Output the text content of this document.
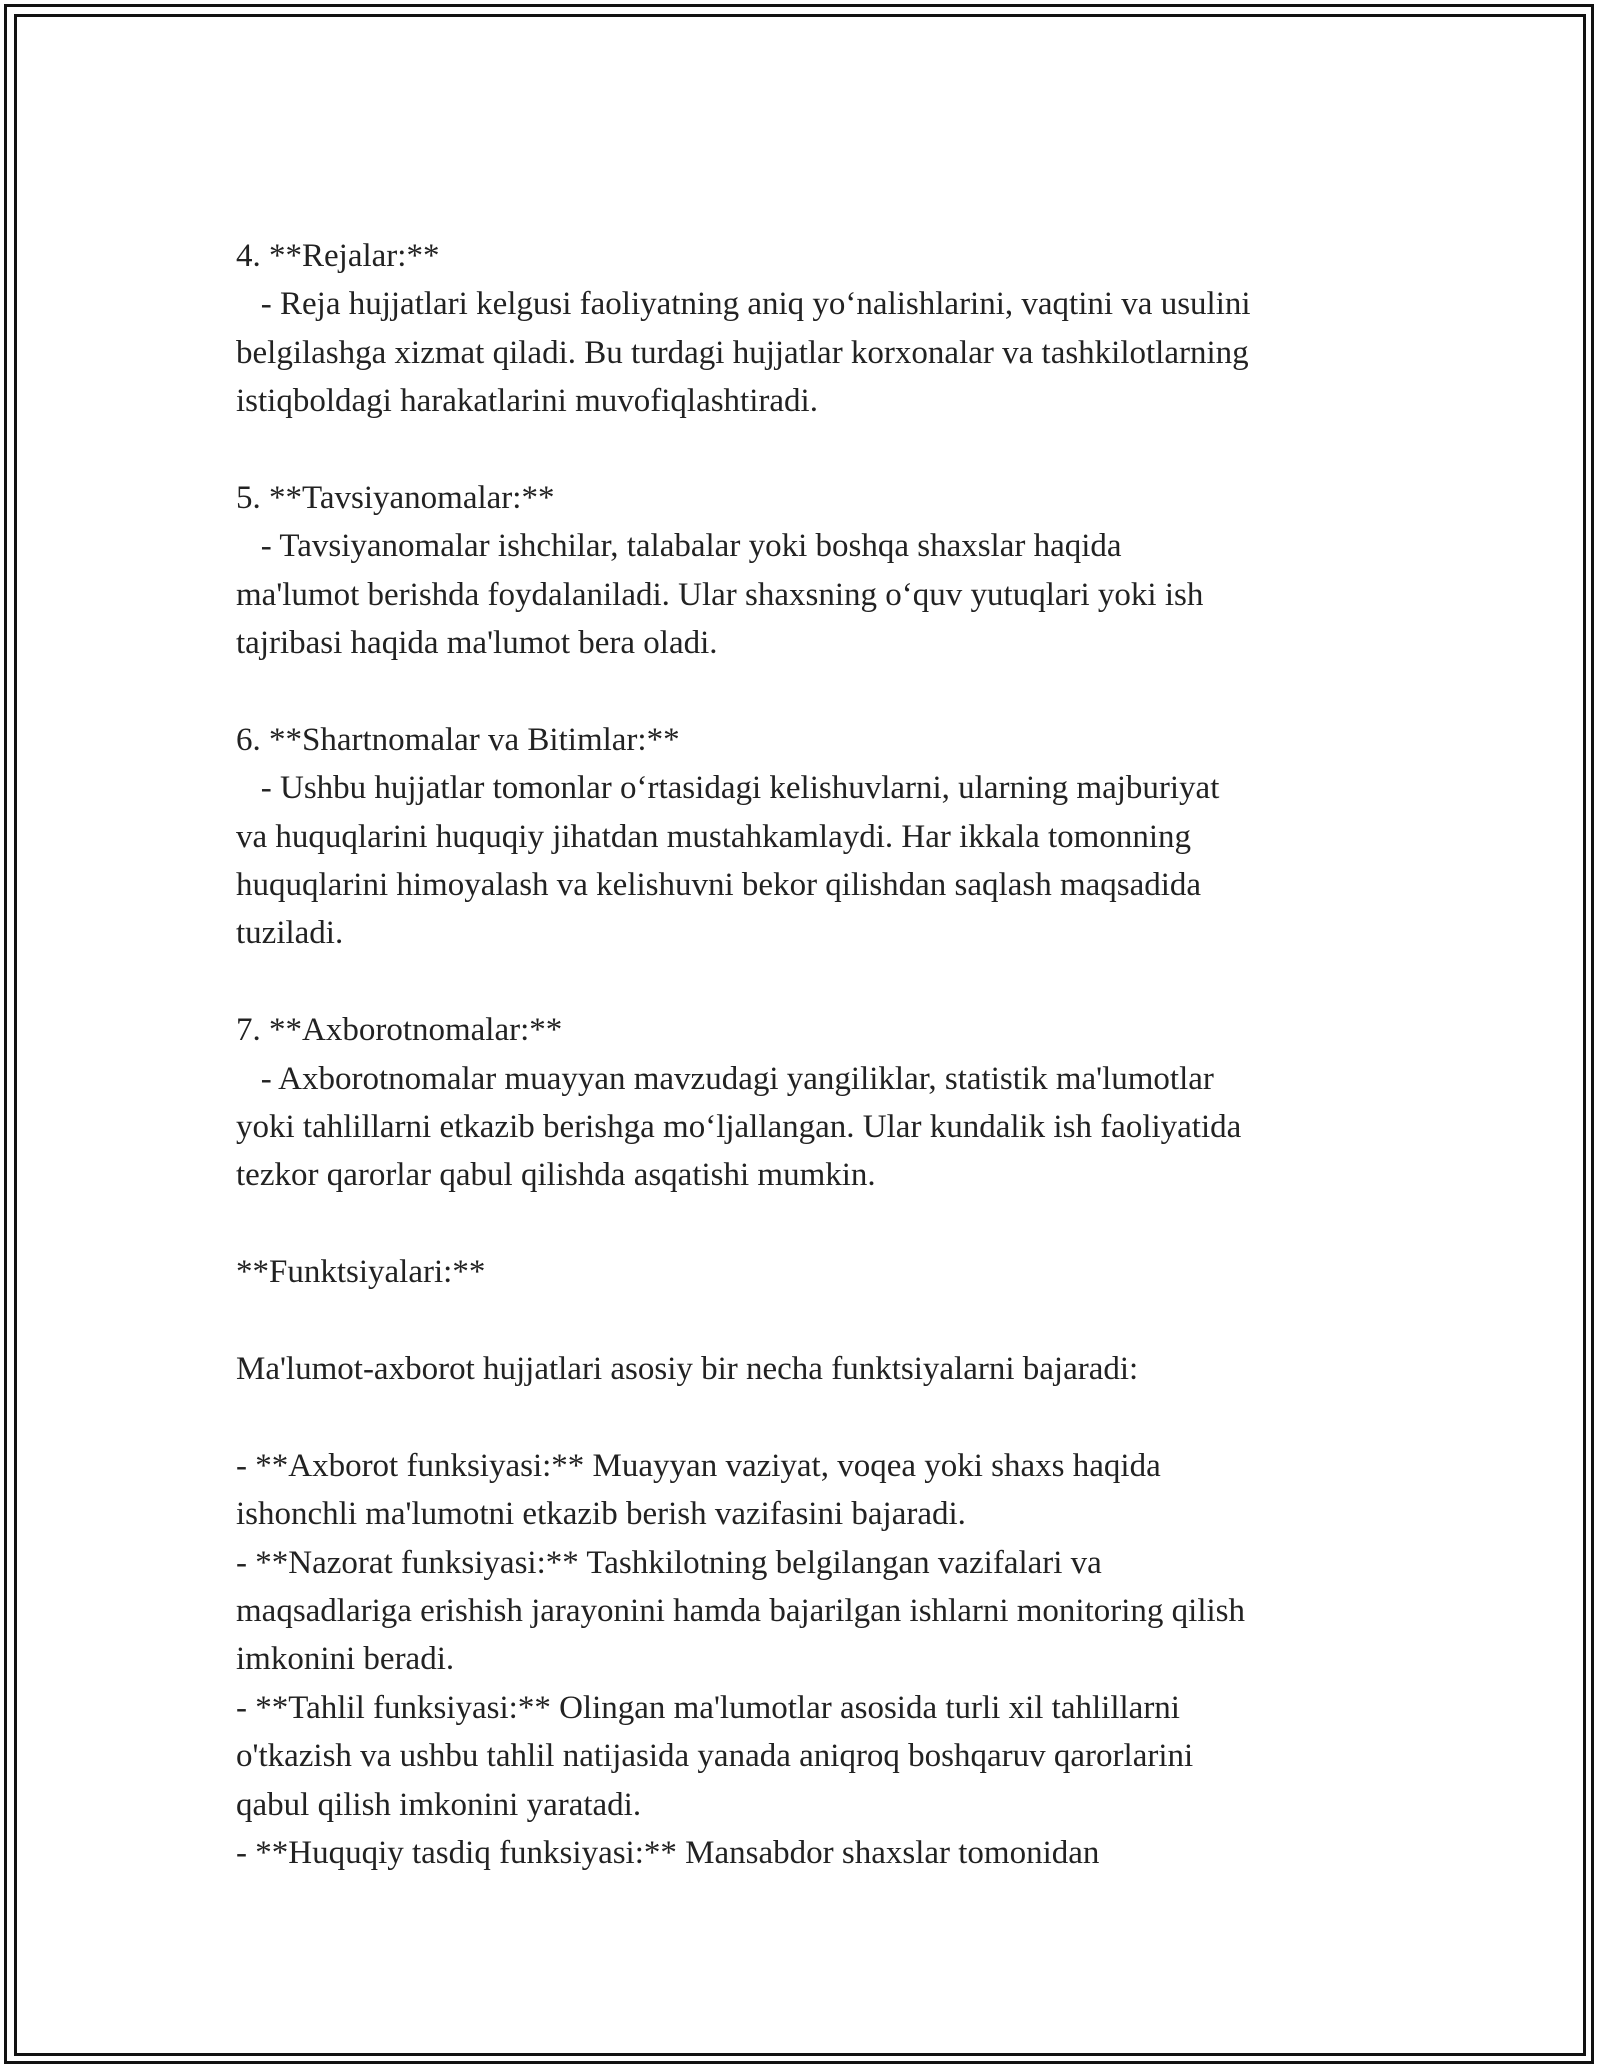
4. **Rejalar:**
- Reja hujjatlari kelgusi faoliyatning aniq yo‘nalishlarini, vaqtini va usulini
belgilashga xizmat qiladi. Bu turdagi hujjatlar korxonalar va tashkilotlarning
istiqboldagi harakatlarini muvofiqlashtiradi.
5. **Tavsiyanomalar:**
- Tavsiyanomalar ishchilar, talabalar yoki boshqa shaxslar haqida
ma'lumot berishda foydalaniladi. Ular shaxsning o‘quv yutuqlari yoki ish
tajribasi haqida ma'lumot bera oladi.
6. **Shartnomalar va Bitimlar:**
- Ushbu hujjatlar tomonlar o‘rtasidagi kelishuvlarni, ularning majburiyat
va huquqlarini huquqiy jihatdan mustahkamlaydi. Har ikkala tomonning
huquqlarini himoyalash va kelishuvni bekor qilishdan saqlash maqsadida
tuziladi.
7. **Axborotnomalar:**
- Axborotnomalar muayyan mavzudagi yangiliklar, statistik ma'lumotlar
yoki tahlillarni etkazib berishga mo‘ljallangan. Ular kundalik ish faoliyatida
tezkor qarorlar qabul qilishda asqatishi mumkin.
**Funktsiyalari:**
Ma'lumot-axborot hujjatlari asosiy bir necha funktsiyalarni bajaradi:
- **Axborot funksiyasi:** Muayyan vaziyat, voqea yoki shaxs haqida
ishonchli ma'lumotni etkazib berish vazifasini bajaradi.
- **Nazorat funksiyasi:** Tashkilotning belgilangan vazifalari va
maqsadlariga erishish jarayonini hamda bajarilgan ishlarni monitoring qilish
imkonini beradi.
- **Tahlil funksiyasi:** Olingan ma'lumotlar asosida turli xil tahlillarni
o'tkazish va ushbu tahlil natijasida yanada aniqroq boshqaruv qarorlarini
qabul qilish imkonini yaratadi.
- **Huquqiy tasdiq funksiyasi:** Mansabdor shaxslar tomonidan
